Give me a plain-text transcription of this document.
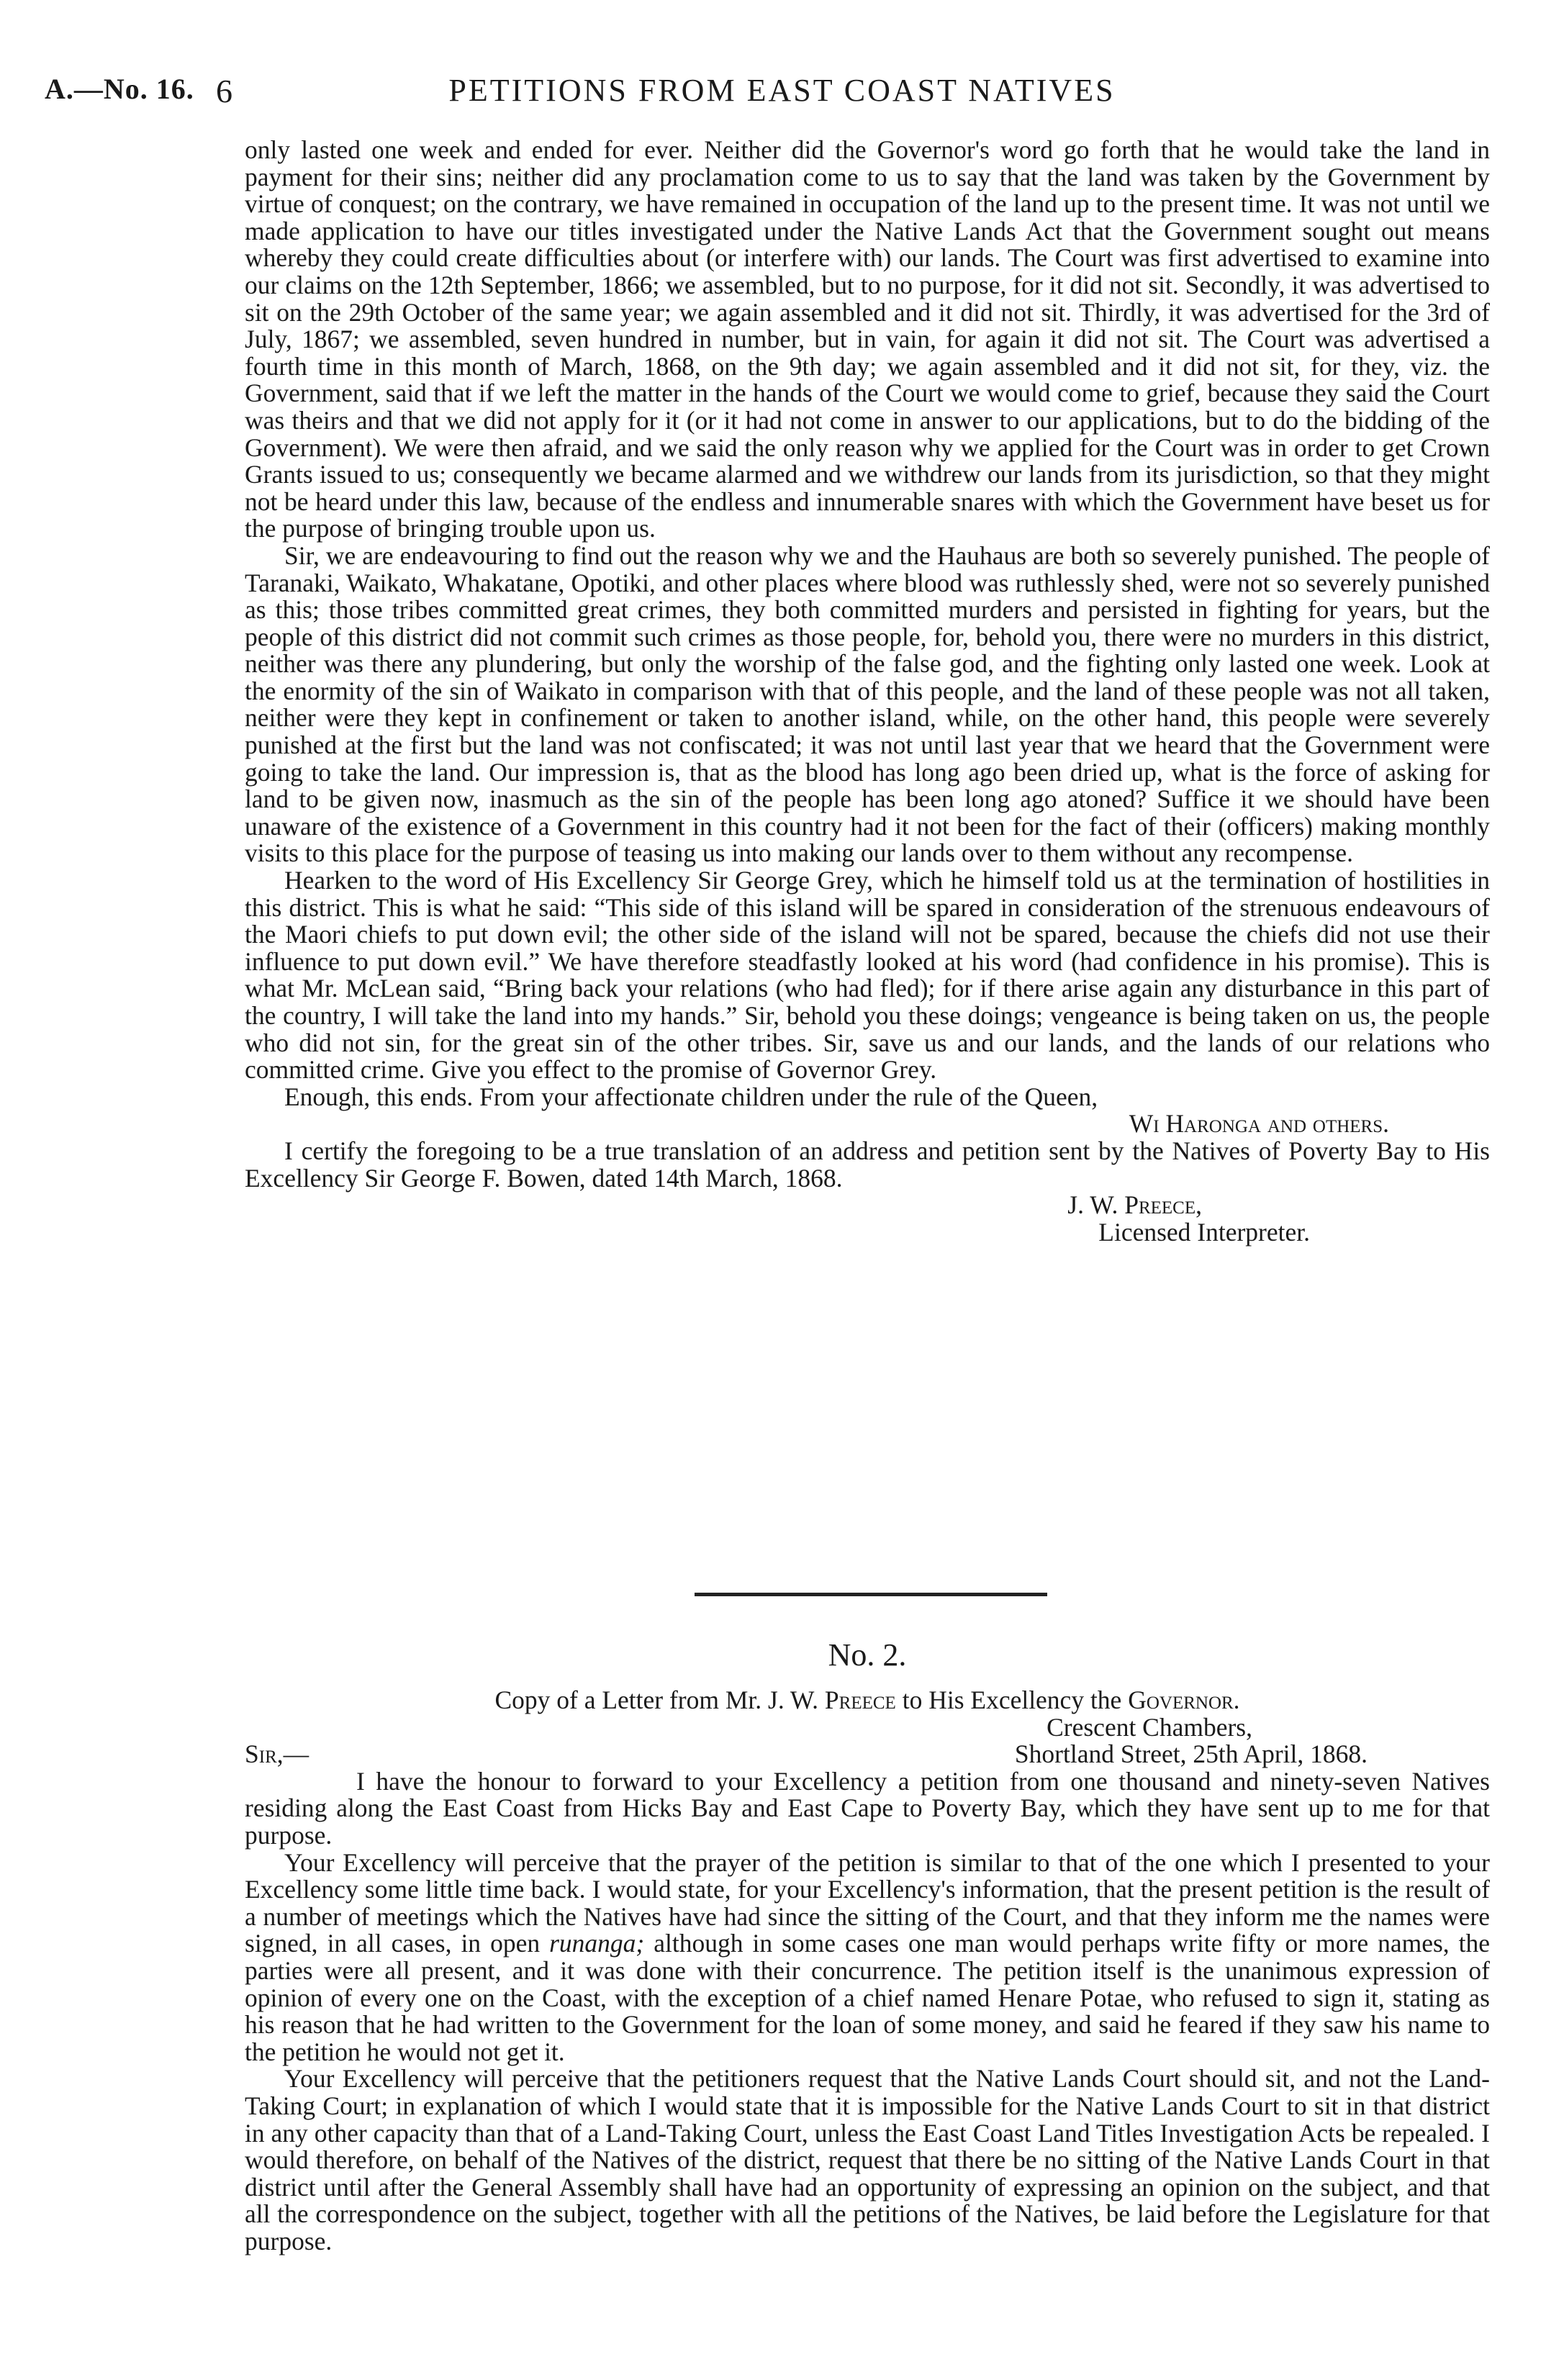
A.—No. 16. 6	PETITIONS FROM EAST COAST NATIVES

only lasted one week and ended for ever. Neither did the Governor's word go forth that he would take the land in payment for their sins; neither did any proclamation come to us to say that the land was taken by the Government by virtue of conquest; on the contrary, we have remained in occupation of the land up to the present time. It was not until we made application to have our titles investigated under the Native Lands Act that the Government sought out means whereby they could create difficulties about (or interfere with) our lands. The Court was first advertised to examine into our claims on the 12th September, 1866; we assembled, but to no purpose, for it did not sit. Secondly, it was advertised to sit on the 29th October of the same year; we again assembled and it did not sit. Thirdly, it was advertised for the 3rd of July, 1867; we assembled, seven hundred in number, but in vain, for again it did not sit. The Court was advertised a fourth time in this month of March, 1868, on the 9th day; we again assembled and it did not sit, for they, viz. the Government, said that if we left the matter in the hands of the Court we would come to grief, because they said the Court was theirs and that we did not apply for it (or it had not come in answer to our applications, but to do the bidding of the Government). We were then afraid, and we said the only reason why we applied for the Court was in order to get Crown Grants issued to us; consequently we became alarmed and we withdrew our lands from its jurisdiction, so that they might not be heard under this law, because of the endless and innumerable snares with which the Government have beset us for the purpose of bringing trouble upon us.

Sir, we are endeavouring to find out the reason why we and the Hauhaus are both so severely punished. The people of Taranaki, Waikato, Whakatane, Opotiki, and other places where blood was ruthlessly shed, were not so severely punished as this; those tribes committed great crimes, they both committed murders and persisted in fighting for years, but the people of this district did not commit such crimes as those people, for, behold you, there were no murders in this district, neither was there any plundering, but only the worship of the false god, and the fighting only lasted one week. Look at the enormity of the sin of Waikato in comparison with that of this people, and the land of these people was not all taken, neither were they kept in confinement or taken to another island, while, on the other hand, this people were severely punished at the first but the land was not confiscated; it was not until last year that we heard that the Government were going to take the land. Our impression is, that as the blood has long ago been dried up, what is the force of asking for land to be given now, inasmuch as the sin of the people has been long ago atoned? Suffice it we should have been unaware of the existence of a Government in this country had it not been for the fact of their (officers) making monthly visits to this place for the purpose of teasing us into making our lands over to them without any recompense.

Hearken to the word of His Excellency Sir George Grey, which he himself told us at the termination of hostilities in this district. This is what he said: “This side of this island will be spared in consideration of the strenuous endeavours of the Maori chiefs to put down evil; the other side of the island will not be spared, because the chiefs did not use their influence to put down evil.” We have therefore steadfastly looked at his word (had confidence in his promise). This is what Mr. McLean said, “Bring back your relations (who had fled); for if there arise again any disturbance in this part of the country, I will take the land into my hands.” Sir, behold you these doings; vengeance is being taken on us, the people who did not sin, for the great sin of the other tribes. Sir, save us and our lands, and the lands of our relations who committed crime. Give you effect to the promise of Governor Grey.

Enough, this ends. From your affectionate children under the rule of the Queen,

Wi Haronga and others.

I certify the foregoing to be a true translation of an address and petition sent by the Natives of Poverty Bay to His Excellency Sir George F. Bowen, dated 14th March, 1868.

J. W. Preece,

Licensed Interpreter.

No. 2.

Copy of a Letter from Mr. J. W. Preece to His Excellency the Governor.

Crescent Chambers,

Sir,—	Shortland Street, 25th April, 1868.

I have the honour to forward to your Excellency a petition from one thousand and ninety-seven Natives residing along the East Coast from Hicks Bay and East Cape to Poverty Bay, which they have sent up to me for that purpose.

Your Excellency will perceive that the prayer of the petition is similar to that of the one which I presented to your Excellency some little time back. I would state, for your Excellency's information, that the present petition is the result of a number of meetings which the Natives have had since the sitting of the Court, and that they inform me the names were signed, in all cases, in open runanga; although in some cases one man would perhaps write fifty or more names, the parties were all present, and it was done with their concurrence. The petition itself is the unanimous expression of opinion of every one on the Coast, with the exception of a chief named Henare Potae, who refused to sign it, stating as his reason that he had written to the Government for the loan of some money, and said he feared if they saw his name to the petition he would not get it.

Your Excellency will perceive that the petitioners request that the Native Lands Court should sit, and not the Land-Taking Court; in explanation of which I would state that it is impossible for the Native Lands Court to sit in that district in any other capacity than that of a Land-Taking Court, unless the East Coast Land Titles Investigation Acts be repealed. I would therefore, on behalf of the Natives of the district, request that there be no sitting of the Native Lands Court in that district until after the General Assembly shall have had an opportunity of expressing an opinion on the subject, and that all the correspondence on the subject, together with all the petitions of the Natives, be laid before the Legislature for that purpose.
